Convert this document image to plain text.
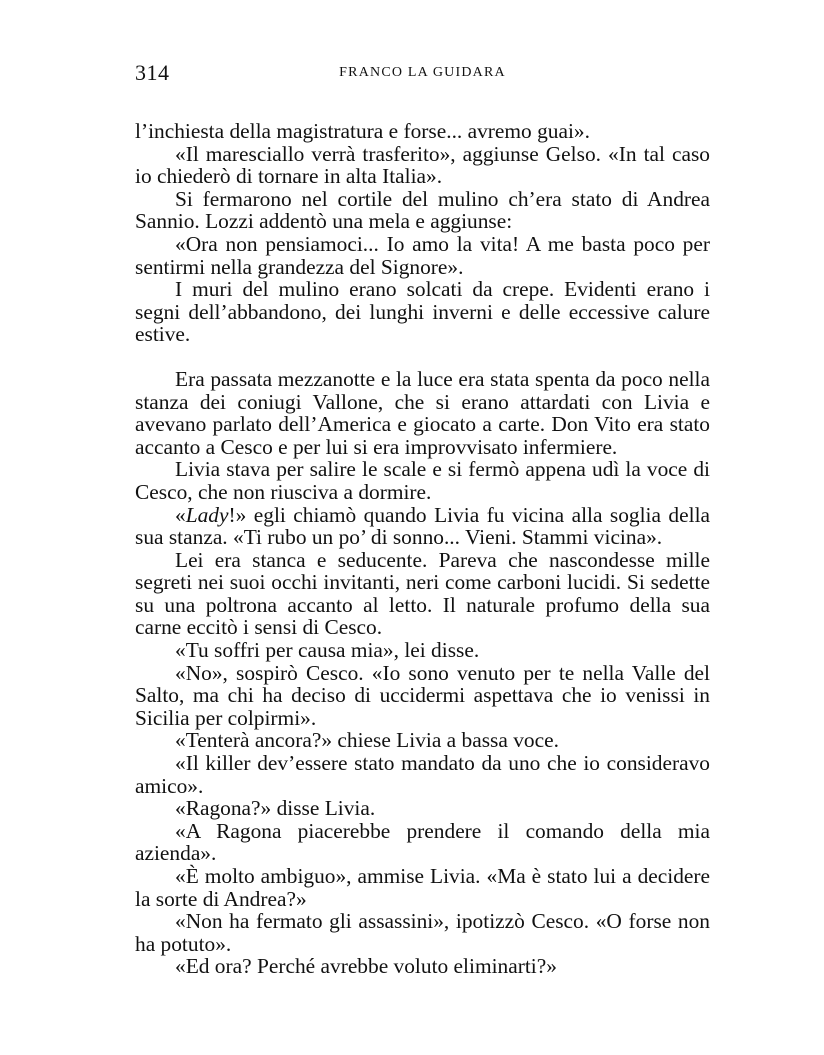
314	FRANCO LA GUIDARA

l’inchiesta della magistratura e forse... avremo guai».

«Il maresciallo verrà trasferito», aggiunse Gelso. «In tal caso io chiederò di tornare in alta Italia».

Si fermarono nel cortile del mulino ch’era stato di Andrea Sannio. Lozzi addentò una mela e aggiunse:

«Ora non pensiamoci... Io amo la vita! A me basta poco per sentirmi nella grandezza del Signore».

I muri del mulino erano solcati da crepe. Evidenti erano i segni dell’abbandono, dei lunghi inverni e delle eccessive calure estive.

Era passata mezzanotte e la luce era stata spenta da poco nella stanza dei coniugi Vallone, che si erano attardati con Livia e avevano parlato dell’America e giocato a carte. Don Vito era stato accanto a Cesco e per lui si era improvvisato infermiere.

Livia stava per salire le scale e si fermò appena udì la voce di Cesco, che non riusciva a dormire.

«Lady!» egli chiamò quando Livia fu vicina alla soglia della sua stanza. «Ti rubo un po’ di sonno... Vieni. Stammi vicina».

Lei era stanca e seducente. Pareva che nascondesse mille segreti nei suoi occhi invitanti, neri come carboni lucidi. Si sedette su una poltrona accanto al letto. Il naturale profumo della sua carne eccitò i sensi di Cesco.

«Tu soffri per causa mia», lei disse.

«No», sospirò Cesco. «Io sono venuto per te nella Valle del Salto, ma chi ha deciso di uccidermi aspettava che io venissi in Sicilia per colpirmi».

«Tenterà ancora?» chiese Livia a bassa voce.

«Il killer dev’essere stato mandato da uno che io consideravo amico».

«Ragona?» disse Livia.

«A Ragona piacerebbe prendere il comando della mia azienda».

«È molto ambiguo», ammise Livia. «Ma è stato lui a decidere la sorte di Andrea?»

«Non ha fermato gli assassini», ipotizzò Cesco. «O forse non ha potuto».

«Ed ora? Perché avrebbe voluto eliminarti?»
